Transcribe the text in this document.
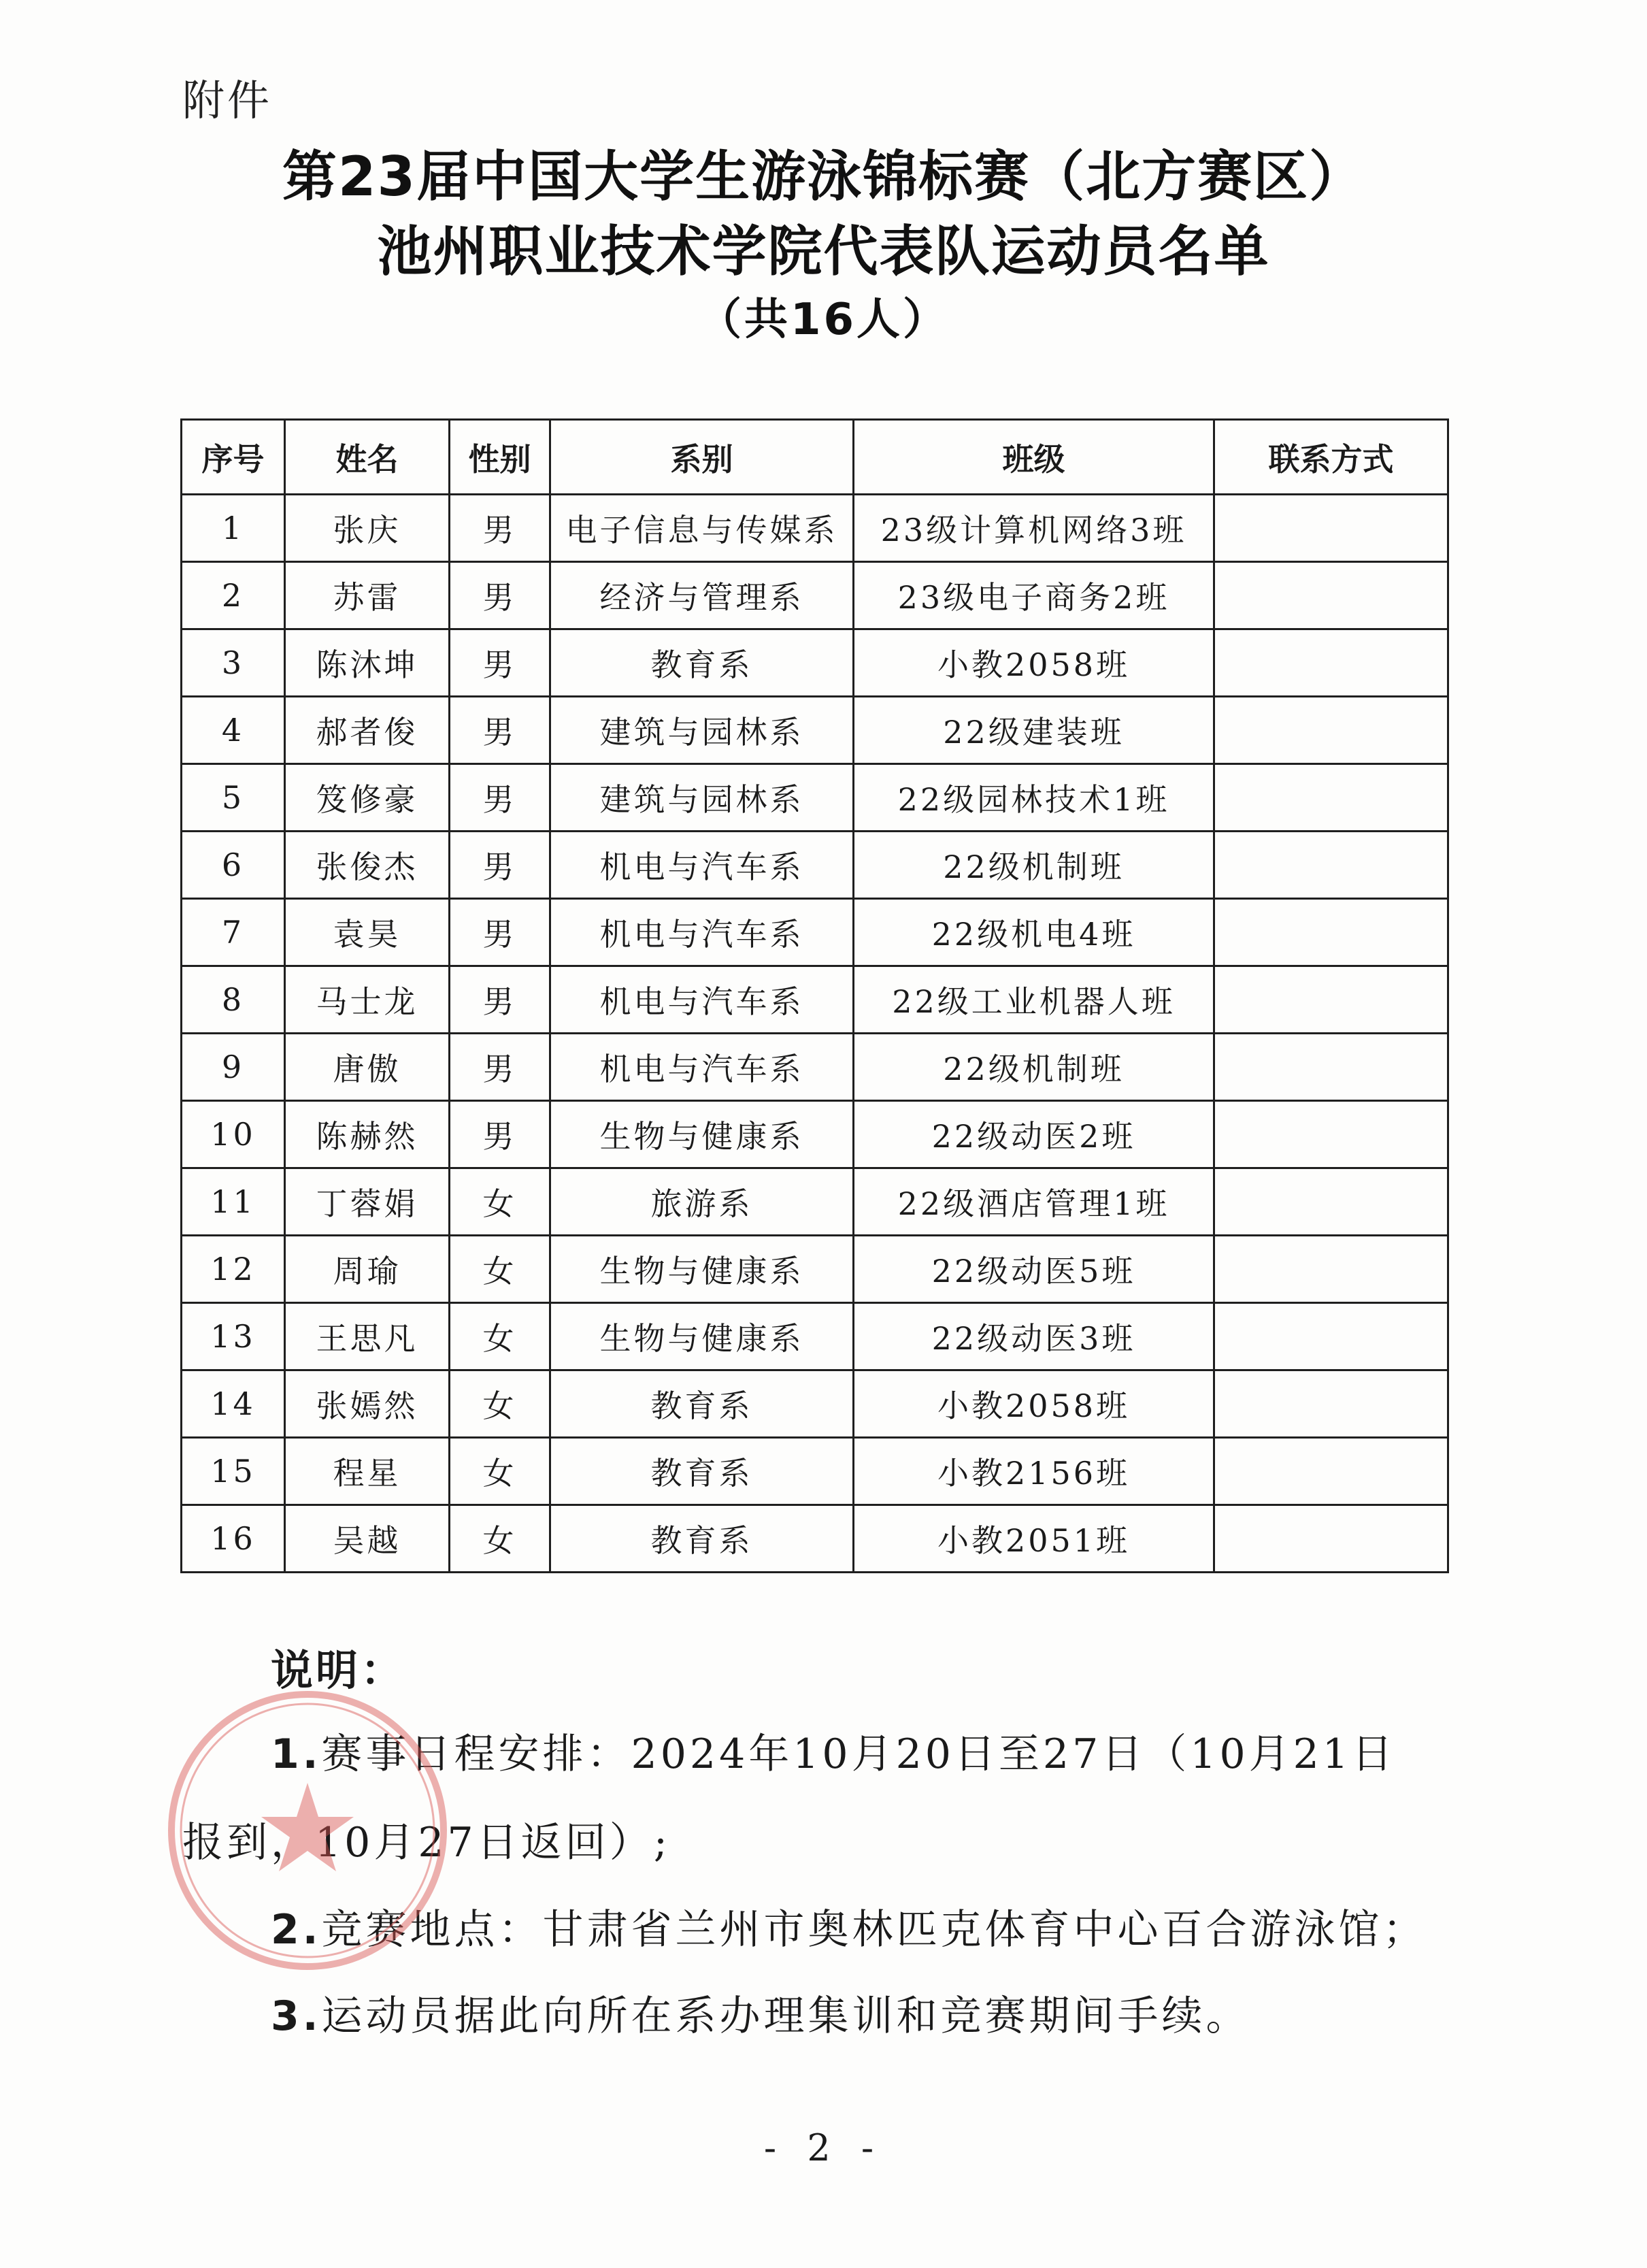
附件
第23届中国大学生游泳锦标赛（北方赛区）
池州职业技术学院代表队运动员名单
（共16人）
序号	姓名	性别	系别	班级	联系方式
1	张庆	男	电子信息与传媒系	23级计算机网络3班	
2	苏雷	男	经济与管理系	23级电子商务2班	
3	陈沐坤	男	教育系	小教2058班	
4	郝者俊	男	建筑与园林系	22级建装班	
5	笈修豪	男	建筑与园林系	22级园林技术1班	
6	张俊杰	男	机电与汽车系	22级机制班	
7	袁昊	男	机电与汽车系	22级机电4班	
8	马士龙	男	机电与汽车系	22级工业机器人班	
9	唐傲	男	机电与汽车系	22级机制班	
10	陈赫然	男	生物与健康系	22级动医2班	
11	丁蓉娟	女	旅游系	22级酒店管理1班	
12	周瑜	女	生物与健康系	22级动医5班	
13	王思凡	女	生物与健康系	22级动医3班	
14	张嫣然	女	教育系	小教2058班	
15	程星	女	教育系	小教2156班	
16	吴越	女	教育系	小教2051班	
说明：
1.赛事日程安排：2024年10月20日至27日（10月21日
报到，10月27日返回）;
2.竞赛地点：甘肃省兰州市奥林匹克体育中心百合游泳馆；
3.运动员据此向所在系办理集训和竞赛期间手续。
- 2 -
